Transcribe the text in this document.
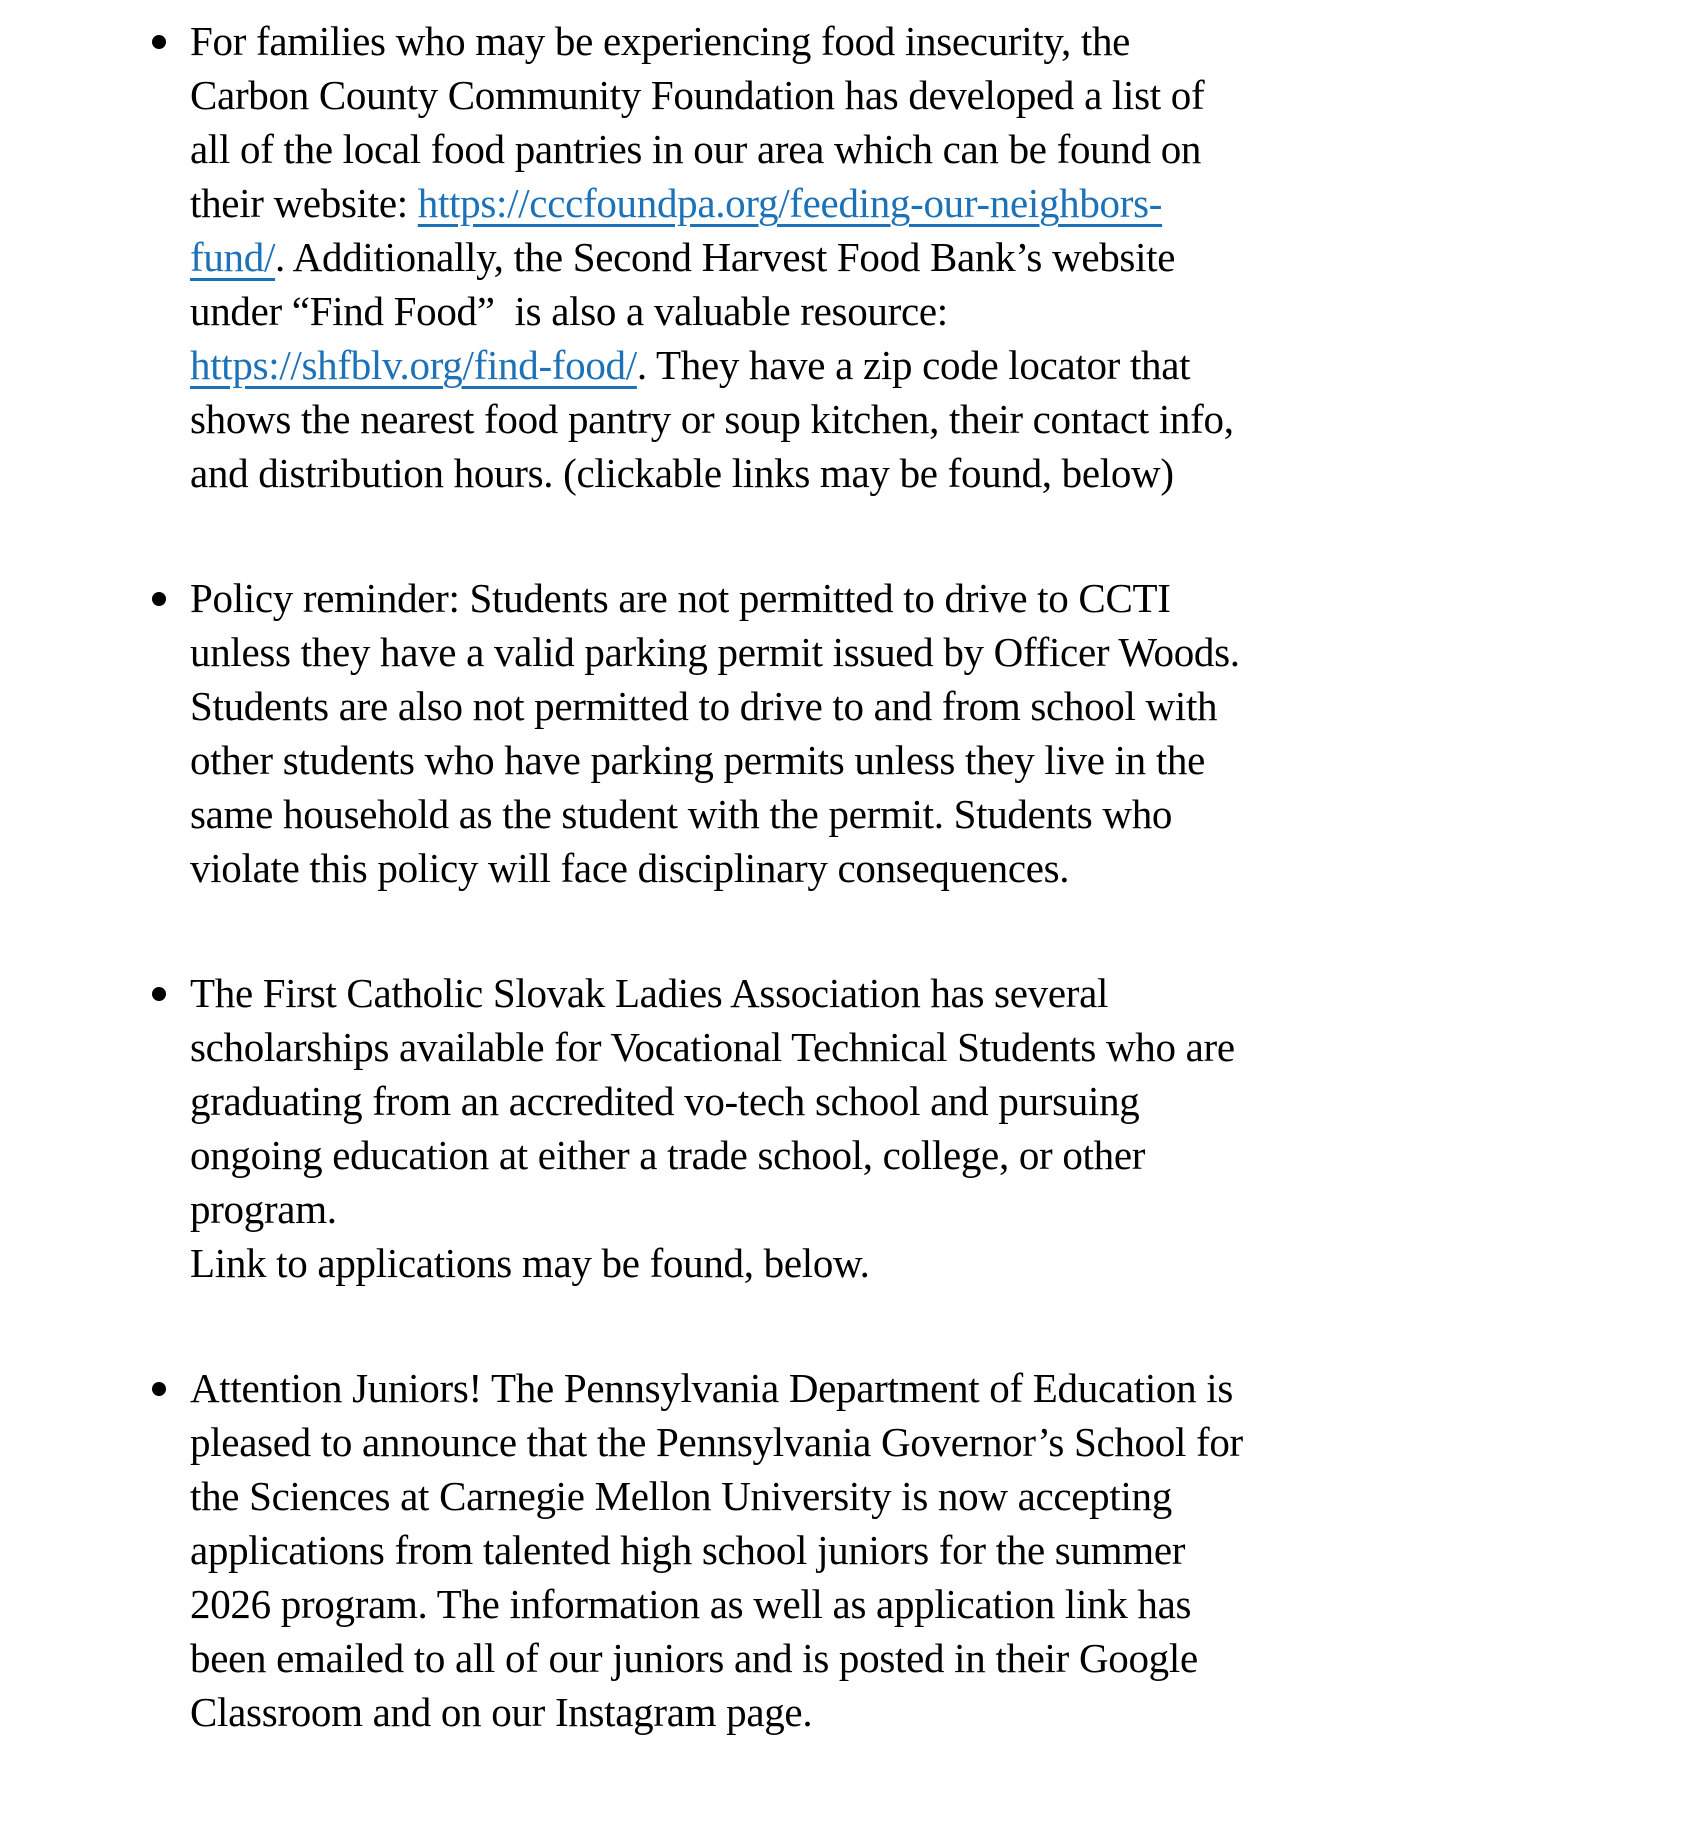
For families who may be experiencing food insecurity, the
Carbon County Community Foundation has developed a list of
all of the local food pantries in our area which can be found on
their website: https://cccfoundpa.org/feeding-our-neighbors-
fund/. Additionally, the Second Harvest Food Bank’s website
under “Find Food”  is also a valuable resource:
https://shfblv.org/find-food/. They have a zip code locator that
shows the nearest food pantry or soup kitchen, their contact info,
and distribution hours. (clickable links may be found, below)
Policy reminder: Students are not permitted to drive to CCTI
unless they have a valid parking permit issued by Officer Woods.
Students are also not permitted to drive to and from school with
other students who have parking permits unless they live in the
same household as the student with the permit. Students who
violate this policy will face disciplinary consequences.
The First Catholic Slovak Ladies Association has several
scholarships available for Vocational Technical Students who are
graduating from an accredited vo-tech school and pursuing
ongoing education at either a trade school, college, or other
program.
Link to applications may be found, below.
Attention Juniors! The Pennsylvania Department of Education is
pleased to announce that the Pennsylvania Governor’s School for
the Sciences at Carnegie Mellon University is now accepting
applications from talented high school juniors for the summer
2026 program. The information as well as application link has
been emailed to all of our juniors and is posted in their Google
Classroom and on our Instagram page.
